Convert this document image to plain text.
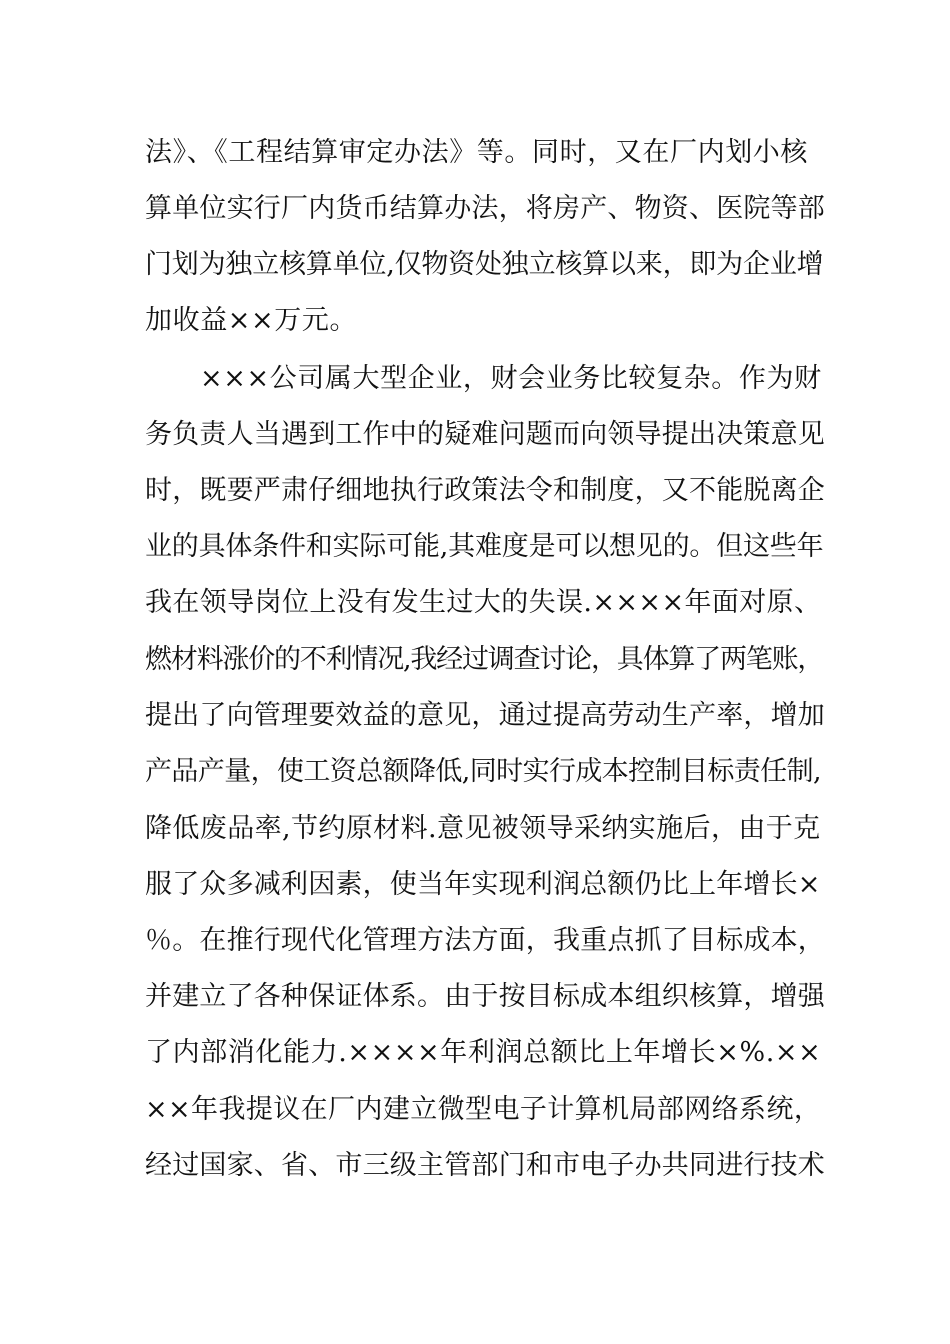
法》、《工程结算审定办法》等。同时，又在厂内划小核
算单位实行厂内货币结算办法，将房产、物资、医院等部
门划为独立核算单位,仅物资处独立核算以来，即为企业增
加收益××万元。
×××公司属大型企业，财会业务比较复杂。作为财
务负责人当遇到工作中的疑难问题而向领导提出决策意见
时，既要严肃仔细地执行政策法令和制度，又不能脱离企
业的具体条件和实际可能,其难度是可以想见的。但这些年
我在领导岗位上没有发生过大的失误.××××年面对原、
燃材料涨价的不利情况,我经过调查讨论，具体算了两笔账，
提出了向管理要效益的意见，通过提高劳动生产率，增加
产品产量，使工资总额降低,同时实行成本控制目标责任制,
降低废品率,节约原材料.意见被领导采纳实施后，由于克
服了众多减利因素，使当年实现利润总额仍比上年增长×
％。在推行现代化管理方法方面，我重点抓了目标成本，
并建立了各种保证体系。由于按目标成本组织核算，增强
了内部消化能力.××××年利润总额比上年增长×%.××
××年我提议在厂内建立微型电子计算机局部网络系统，
经过国家、省、市三级主管部门和市电子办共同进行技术
